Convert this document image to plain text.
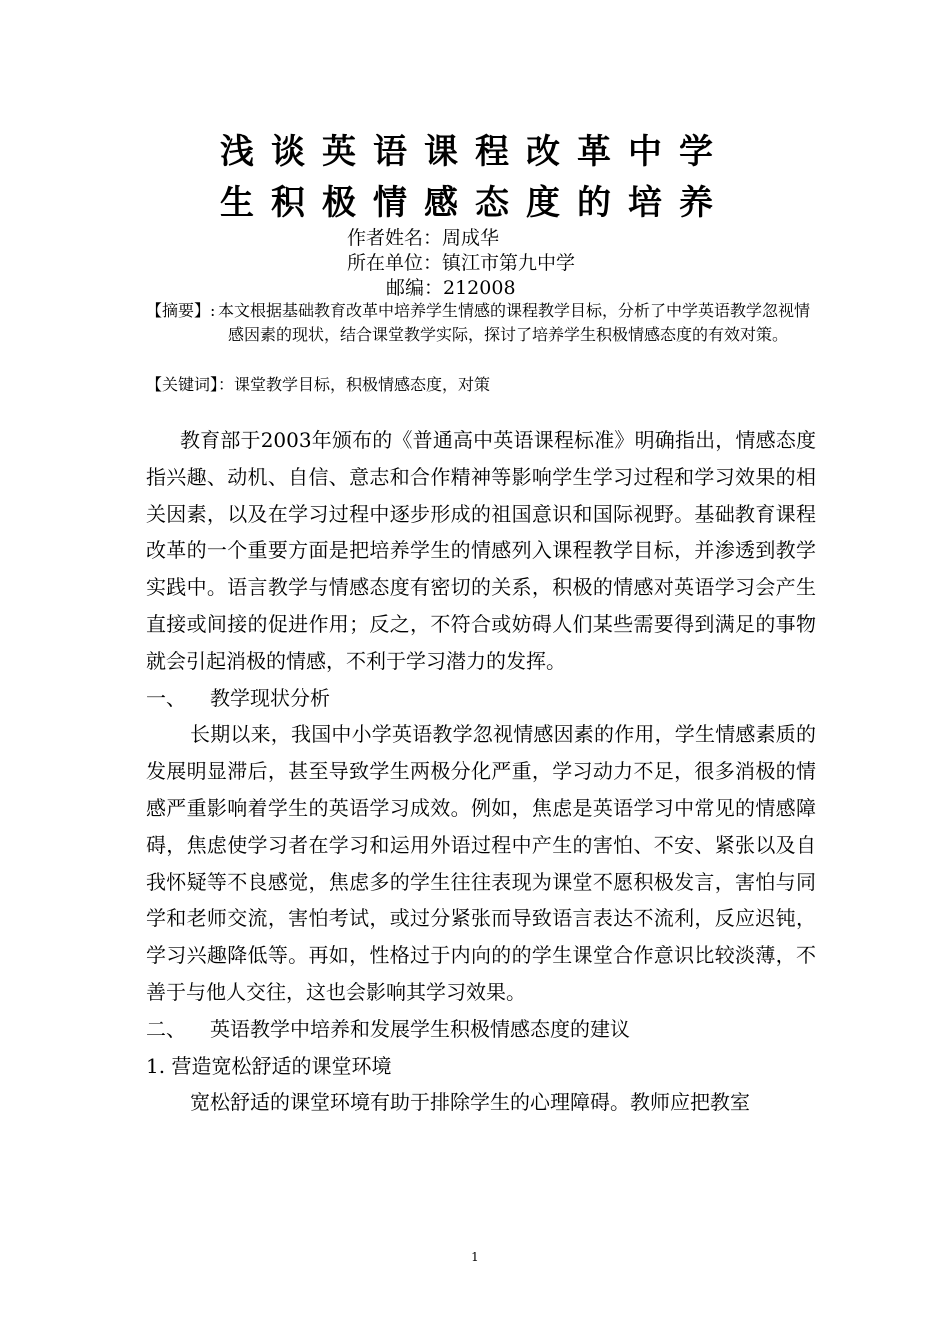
浅谈英语课程改革中学
生积极情感态度的培养
作者姓名：周成华
所在单位：镇江市第九中学
邮编：212008
【摘要】: 本文根据基础教育改革中培养学生情感的课程教学目标，分析了中学英语教学忽视情感因素的现状，结合课堂教学实际，探讨了培养学生积极情感态度的有效对策。
【关键词】：课堂教学目标，积极情感态度，对策

教育部于2003年颁布的《普通高中英语课程标准》明确指出，情感态度指兴趣、动机、自信、意志和合作精神等影响学生学习过程和学习效果的相关因素，以及在学习过程中逐步形成的祖国意识和国际视野。基础教育课程改革的一个重要方面是把培养学生的情感列入课程教学目标，并渗透到教学实践中。语言教学与情感态度有密切的关系，积极的情感对英语学习会产生直接或间接的促进作用；反之，不符合或妨碍人们某些需要得到满足的事物就会引起消极的情感，不利于学习潜力的发挥。

一、 教学现状分析

长期以来，我国中小学英语教学忽视情感因素的作用，学生情感素质的发展明显滞后，甚至导致学生两极分化严重，学习动力不足，很多消极的情感严重影响着学生的英语学习成效。例如，焦虑是英语学习中常见的情感障碍，焦虑使学习者在学习和运用外语过程中产生的害怕、不安、紧张以及自我怀疑等不良感觉，焦虑多的学生往往表现为课堂不愿积极发言，害怕与同学和老师交流，害怕考试，或过分紧张而导致语言表达不流利，反应迟钝，学习兴趣降低等。再如，性格过于内向的的学生课堂合作意识比较淡薄，不善于与他人交往，这也会影响其学习效果。

二、 英语教学中培养和发展学生积极情感态度的建议

1. 营造宽松舒适的课堂环境

宽松舒适的课堂环境有助于排除学生的心理障碍。教师应把教室

1
